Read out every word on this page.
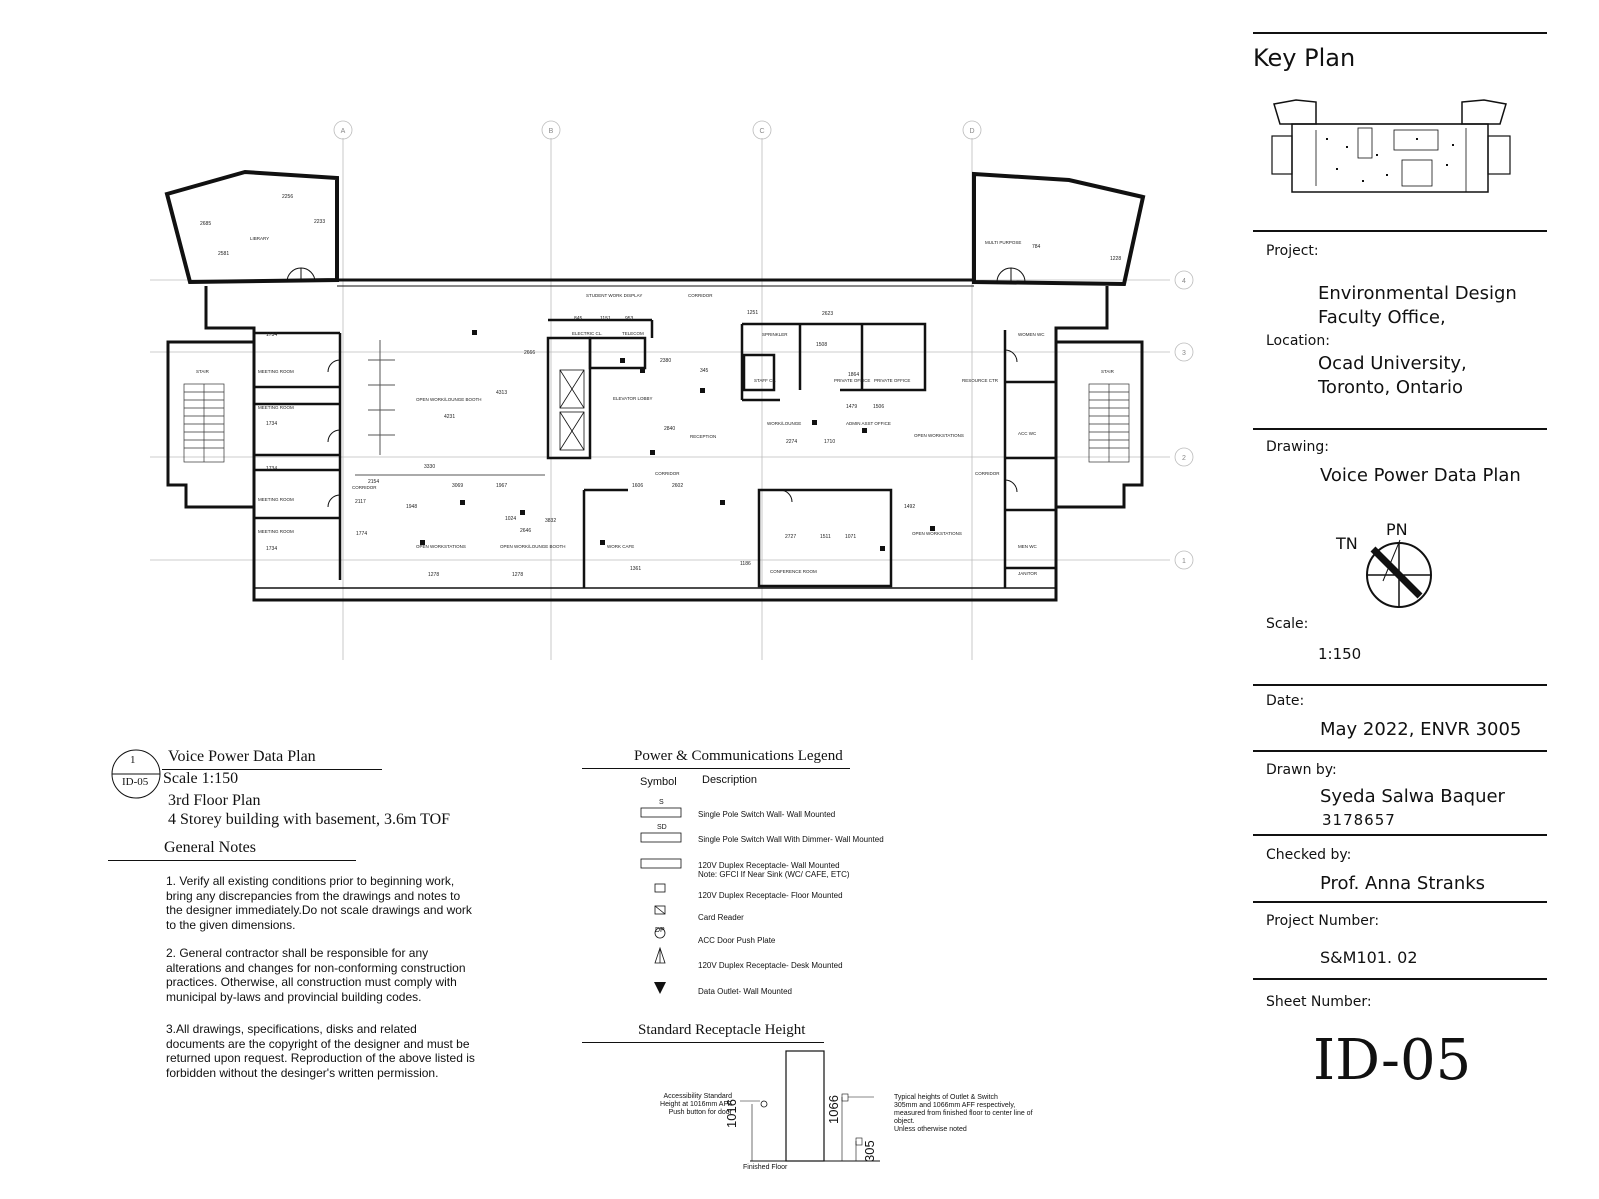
A	B	C	D
4
3
2
1
LIBRARY
MULTI PURPOSE
STUDENT WORK DISPLAY	CORRIDOR
ELECTRIC CL.	TELECOM	SPRINKLER
MEETING ROOM
MEETING ROOM
MEETING ROOM
MEETING ROOM
STAIR	STAIR
OPEN WORK/LOUNGE BOOTH	ELEVATOR LOBBY
RECEPTION
STAFF CL.
WORK/LOUNGE
PRIVATE OFFICE PRIVATE OFFICE
ADMIN ASST OFFICE
RESOURCE CTR
OPEN WORKSTATIONS
CORRIDOR
CORRIDOR	CORRIDOR
OPEN WORKSTATIONS	OPEN WORK/LOUNGE BOOTH	WORK CAFE
CONFERENCE ROOM
OPEN WORKSTATIONS
WOMEN WC
MEN WC
JANITOR
ACC WC
2685	2233
2256
2581
784
1228
1734
1734
1734
1734
3069	1967
1948
1024
2646
3832
1606	2602
2727	1511	1071
2380
2840
345
2623
1508
1864
1479	1506
2274	1710
2666
845	1151	953
1251
4313
4231
3330
2117
2154
1774
1278	1278
1361
1186
1492
Key Plan
Project:
Environmental Design
Faculty Office,
Location:
Ocad University,
Toronto, Ontario
Drawing:
Voice Power Data Plan
TN
PN
Scale:
1:150
Date:
May 2022, ENVR 3005
Drawn by:
Syeda Salwa Baquer
3178657
Checked by:
Prof. Anna Stranks
Project Number:
S&M101. 02
Sheet Number:
ID-05
1
ID-05
Voice Power Data Plan
Scale 1:150
3rd Floor Plan
4 Storey building with basement, 3.6m TOF
General Notes
1. Verify all existing conditions prior to beginning work,
bring any discrepancies from the drawings and notes to
the designer immediately.Do not scale drawings and work
to the given dimensions.
2. General contractor shall be responsible for any
alterations and changes for non-conforming construction
practices. Otherwise, all construction must comply with
municipal by-laws and provincial building codes.
3.All drawings, specifications, disks and related
documents are the copyright of the designer and must be
returned upon request. Reproduction of the above listed is
forbidden without the desinger's written permission.
Power & Communications Legend
Symbol Description
S
SD
DP
Single Pole Switch Wall- Wall Mounted
Single Pole Switch Wall With Dimmer- Wall Mounted
120V Duplex Receptacle- Wall Mounted
Note: GFCI If Near Sink (WC/ CAFE, ETC)
120V Duplex Receptacle- Floor Mounted
Card Reader
ACC Door Push Plate
120V Duplex Receptacle- Desk Mounted
Data Outlet- Wall Mounted
Standard Receptacle Height
Accessibility Standard
Height at 1016mm AFF
Push button for door
Typical heights of Outlet & Switch
305mm and 1066mm AFF respectively,
measured from finished floor to center line of
object.
Unless otherwise noted
1016	1066
305
Finished Floor
